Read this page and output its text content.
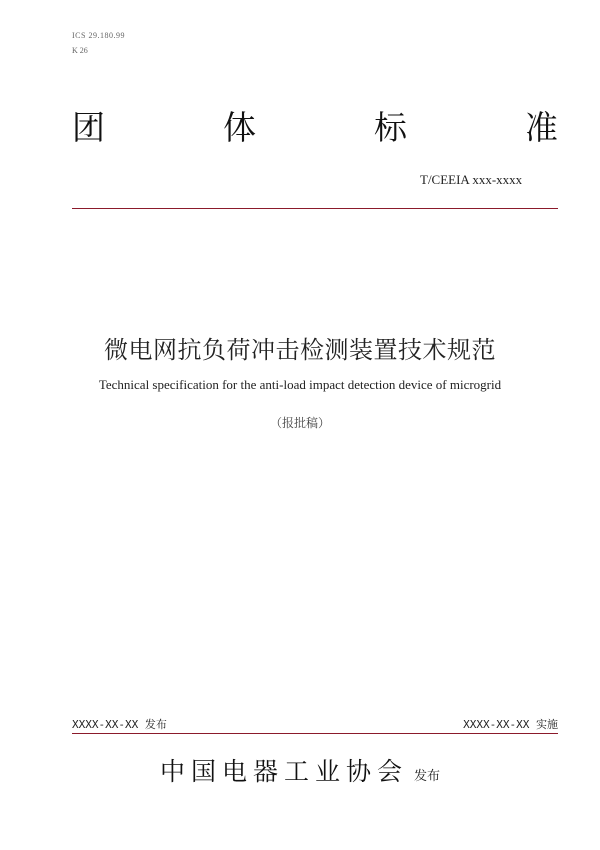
ICS 29.180.99
K 26
团	体	标	准
T/CEEIA xxx-xxxx
微电网抗负荷冲击检测装置技术规范
Technical specification for the anti-load impact detection device of microgrid
（报批稿）
XXXX-XX-XX 发布	XXXX-XX-XX 实施
中国电器工业协会 发布
